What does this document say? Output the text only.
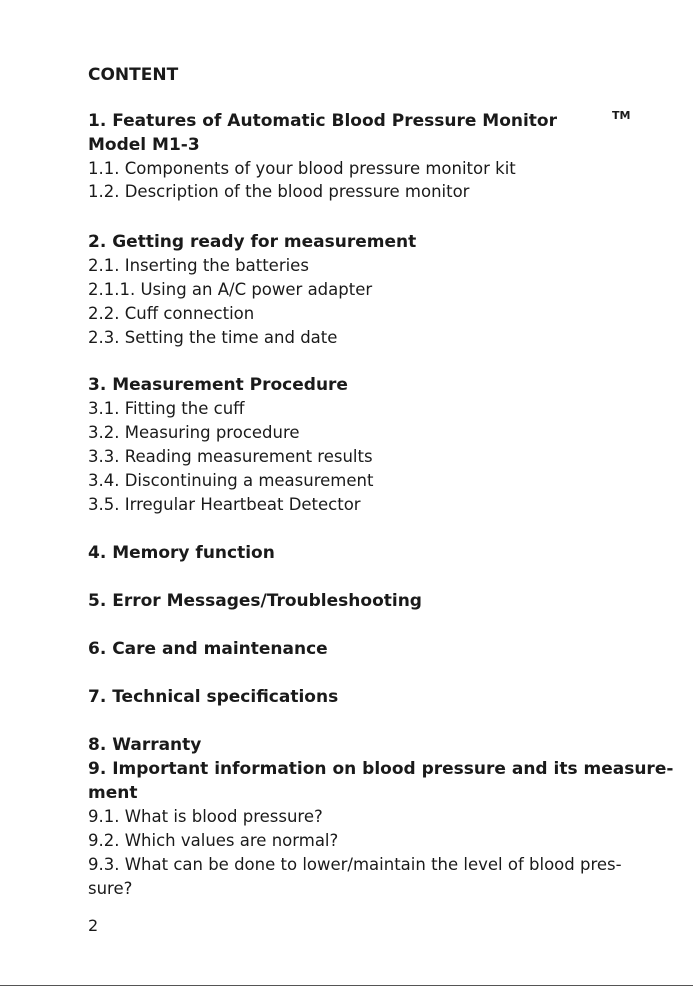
CONTENT
1. Features of Automatic Blood Pressure Monitor	TM
Model M1-3
1.1. Components of your blood pressure monitor kit
1.2. Description of the blood pressure monitor
2. Getting ready for measurement
2.1. Inserting the batteries
2.1.1. Using an A/C power adapter
2.2. Cuff connection
2.3. Setting the time and date
3. Measurement Procedure
3.1. Fitting the cuff
3.2. Measuring procedure
3.3. Reading measurement results
3.4. Discontinuing a measurement
3.5. Irregular Heartbeat Detector
4. Memory function
5. Error Messages/Troubleshooting
6. Care and maintenance
7. Technical specifications
8. Warranty
9. Important information on blood pressure and its measure-
ment
9.1. What is blood pressure?
9.2. Which values are normal?
9.3. What can be done to lower/maintain the level of blood pres-
sure?
2
